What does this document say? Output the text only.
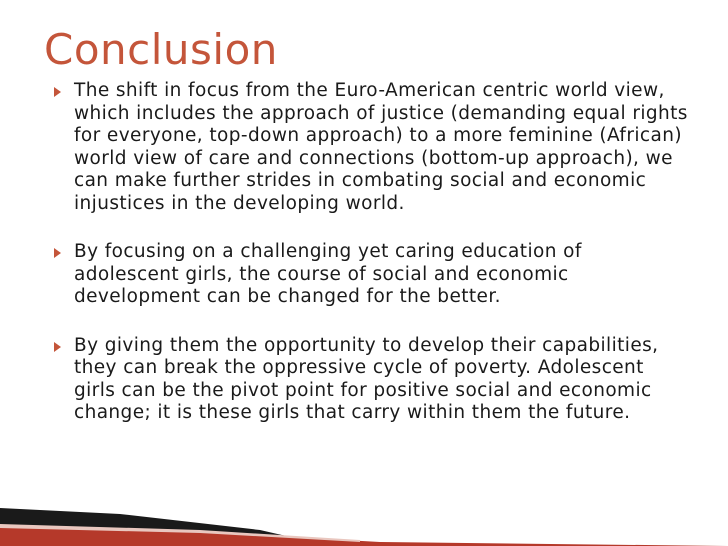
Conclusion
The shift in focus from the Euro-American centric world view, which includes the approach of justice (demanding equal rights for everyone, top-down approach) to a more feminine (African) world view of care and connections (bottom-up approach), we can make further strides in combating social and economic injustices in the developing world.
By focusing on a challenging yet caring education of adolescent girls, the course of social and economic development can be changed for the better.
By giving them the opportunity to develop their capabilities, they can break the oppressive cycle of poverty. Adolescent girls can be the pivot point for positive social and economic change; it is these girls that carry within them the future.
